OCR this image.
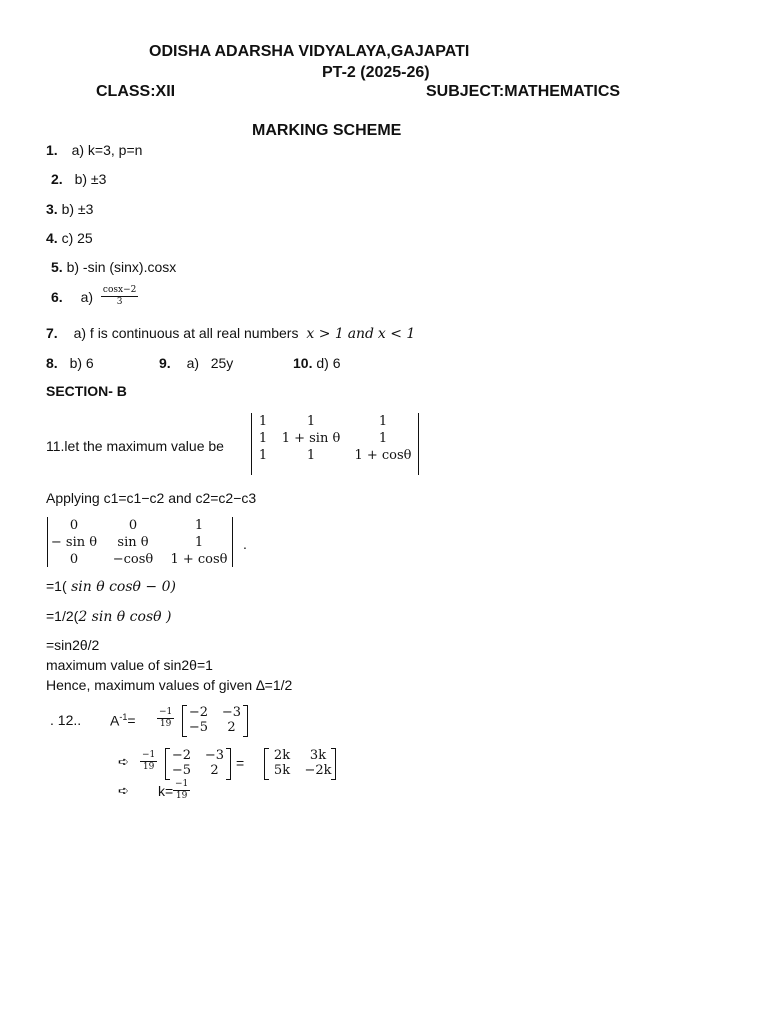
ODISHA ADARSHA VIDYALAYA,GAJAPATI
PT-2 (2025-26)
CLASS:XII	SUBJECT:MATHEMATICS
MARKING SCHEME
1. a) k=3, p=n
2. b) ±3
3. b) ±3
4. c) 25
5. b) -sin (sinx).cosx
6. $a) \frac{\cos x-2}{3}$
7. a) f is continuous at all real numbers x > 1 and x < 1
8. b) 6	9. a)   25y	10. d) 6
SECTION- B
11.let the maximum value be
1	1	1
1	1 + sin θ	1
1	1	1 + cosθ
Applying c1=c1−c2 and c2=c2−c3
0	0	1
− sin θ	sin θ	1
0	−cosθ	1 + cosθ
.
=1( sin θ cosθ − 0)
=1/2(2 sin θ cosθ )
=sin2θ/2
maximum value of sin2θ=1
Hence, maximum values of given ∆=1/2
. 12.. $A^{-1}= \frac{-1}{19}$	−2	−3
−5	2
➪ $\frac{-1}{19}$	−2	−3
−5	2	=	2k	3k
5k	−2k
➪ $k= \frac{-1}{19}$
